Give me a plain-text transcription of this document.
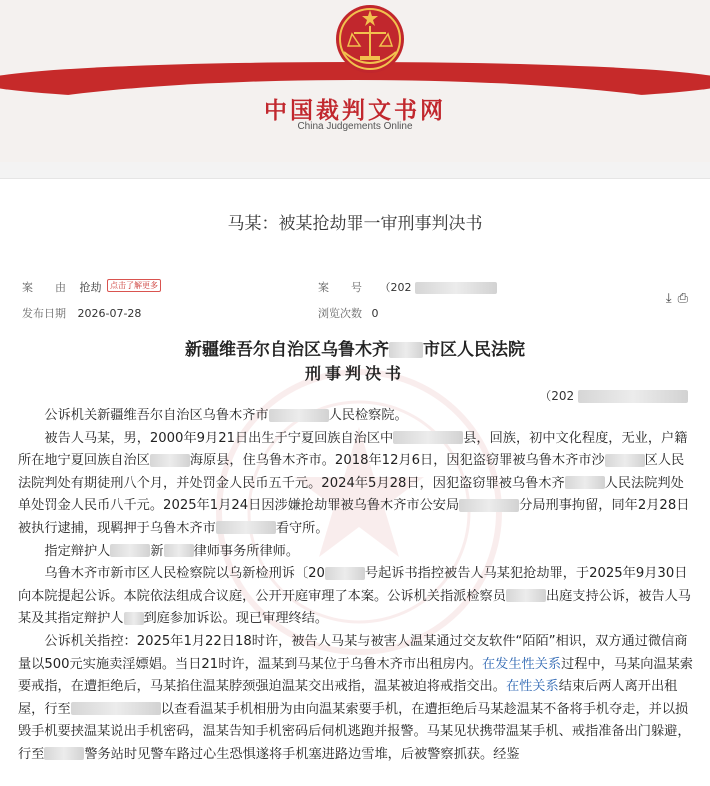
中国裁判文书网
China Judgements Online
马某：被某抢劫罪一审刑事判决书
案　　由 抢劫 点击了解更多	案　　号 （202
发布日期 2026-07-28	浏览次数 0
⤓ ⎙
新疆维吾尔自治区乌鲁木齐 市区人民法院
刑事判决书
（202

公诉机关新疆维吾尔自治区乌鲁木齐市	人民检察院。

被告人马某，男，2000年9月21日出生于宁夏回族自治区中	县，回族，初中文化程度，无业，户籍所在地宁夏回族自治区	海原县，住乌鲁木齐市。2018年12月6日，因犯盗窃罪被乌鲁木齐市沙	区人民法院判处有期徒刑八个月，并处罚金人民币五千元。2024年5月28日，因犯盗窃罪被乌鲁木齐	人民法院判处单处罚金人民币八千元。2025年1月24日因涉嫌抢劫罪被乌鲁木齐市公安局	分局刑事拘留，同年2月28日被执行逮捕，现羁押于乌鲁木齐市	看守所。

指定辩护人	新 律师事务所律师。

乌鲁木齐市新市区人民检察院以乌新检刑诉〔20	号起诉书指控被告人马某犯抢劫罪，于2025年9月30日向本院提起公诉。本院依法组成合议庭，公开开庭审理了本案。公诉机关指派检察员	出庭支持公诉，被告人马某及其指定辩护人 到庭参加诉讼。现已审理终结。

公诉机关指控：2025年1月22日18时许，被告人马某与被害人温某通过交友软件“陌陌”相识，双方通过微信商量以500元实施卖淫嫖娼。当日21时许，温某到马某位于乌鲁木齐市出租房内。在发生性关系过程中，马某向温某索要戒指，在遭拒绝后，马某掐住温某脖颈强迫温某交出戒指，温某被迫将戒指交出。在性关系结束后两人离开出租屋，行至	以查看温某手机相册为由向温某索要手机，在遭拒绝后马某趁温某不备将手机夺走，并以损毁手机要挟温某说出手机密码，温某告知手机密码后伺机逃跑并报警。马某见状携带温某手机、戒指准备出门躲避，行至	警务站时见警车路过心生恐惧遂将手机塞进路边雪堆，后被警察抓获。经鉴
